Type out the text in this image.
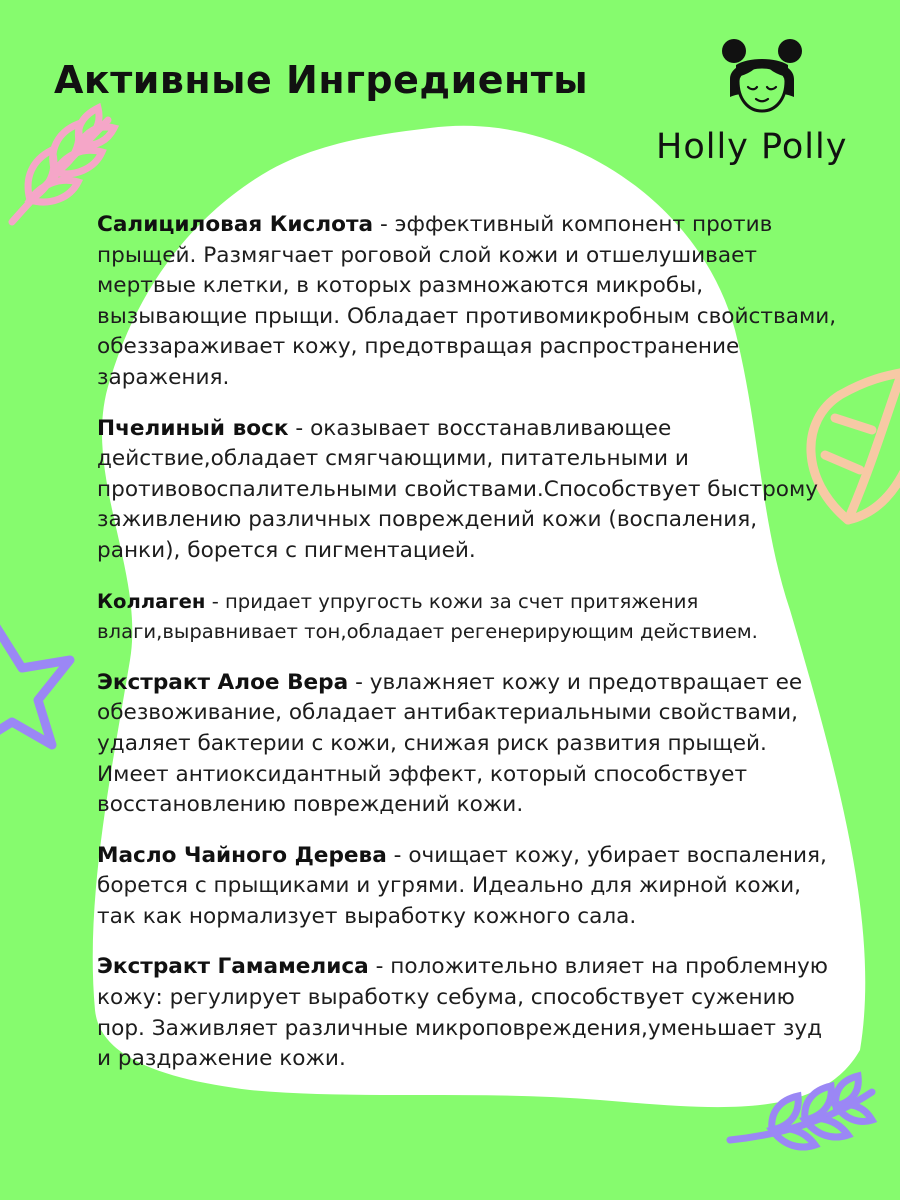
Активные Ингредиенты
Holly Polly
Салициловая Кислота - эффективный компонент против прыщей. Размягчает роговой слой кожи и отшелушивает мертвые клетки, в которых размножаются микробы, вызывающие прыщи. Обладает противомикробным свойствами, обеззараживает кожу, предотвращая распространение заражения.
Пчелиный воск - оказывает восстанавливающее действие,обладает смягчающими, питательными и противовоспалительными свойствами.Способствует быстрому заживлению различных повреждений кожи (воспаления, ранки), борется с пигментацией.
Коллаген - придает упругость кожи за счет притяжения влаги,выравнивает тон,обладает регенерирующим действием.
Экстракт Алое Вера - увлажняет кожу и предотвращает ее обезвоживание, обладает антибактериальными свойствами, удаляет бактерии с кожи, снижая риск развития прыщей. Имеет антиоксидантный эффект, который способствует восстановлению повреждений кожи.
Масло Чайного Дерева - очищает кожу, убирает воспаления, борется с прыщиками и угрями. Идеально для жирной кожи, так как нормализует выработку кожного сала.
Экстракт Гамамелиса - положительно влияет на проблемную кожу: регулирует выработку себума, способствует сужению пор. Заживляет различные микроповреждения,уменьшает зуд и раздражение кожи.
